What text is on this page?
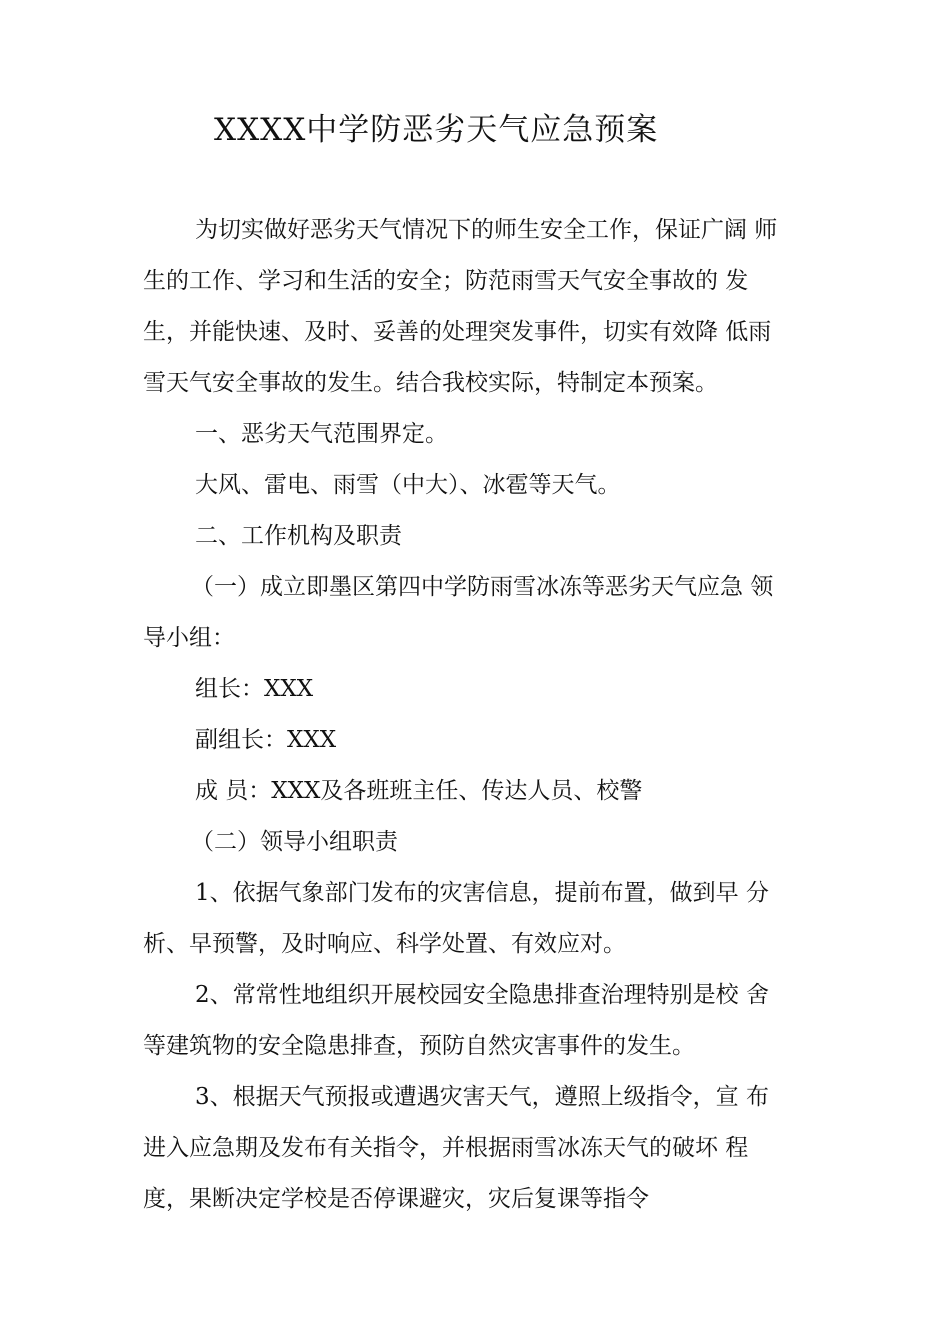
XXXX中学防恶劣天气应急预案
为切实做好恶劣天气情况下的师生安全工作，保证广阔 师
生的工作、学习和生活的安全；防范雨雪天气安全事故的 发
生，并能快速、及时、妥善的处理突发事件，切实有效降 低雨
雪天气安全事故的发生。结合我校实际，特制定本预案。
一、恶劣天气范围界定。
大风、雷电、雨雪（中大）、冰雹等天气。
二、工作机构及职责
（一）成立即墨区第四中学防雨雪冰冻等恶劣天气应急 领
导小组：
组长：XXX
副组长：XXX
成 员：XXX及各班班主任、传达人员、校警
（二）领导小组职责
1、依据气象部门发布的灾害信息，提前布置，做到早 分
析、早预警，及时响应、科学处置、有效应对。
2、常常性地组织开展校园安全隐患排查治理特别是校 舍
等建筑物的安全隐患排查，预防自然灾害事件的发生。
3、根据天气预报或遭遇灾害天气，遵照上级指令，宣 布
进入应急期及发布有关指令，并根据雨雪冰冻天气的破坏 程
度，果断决定学校是否停课避灾，灾后复课等指令
